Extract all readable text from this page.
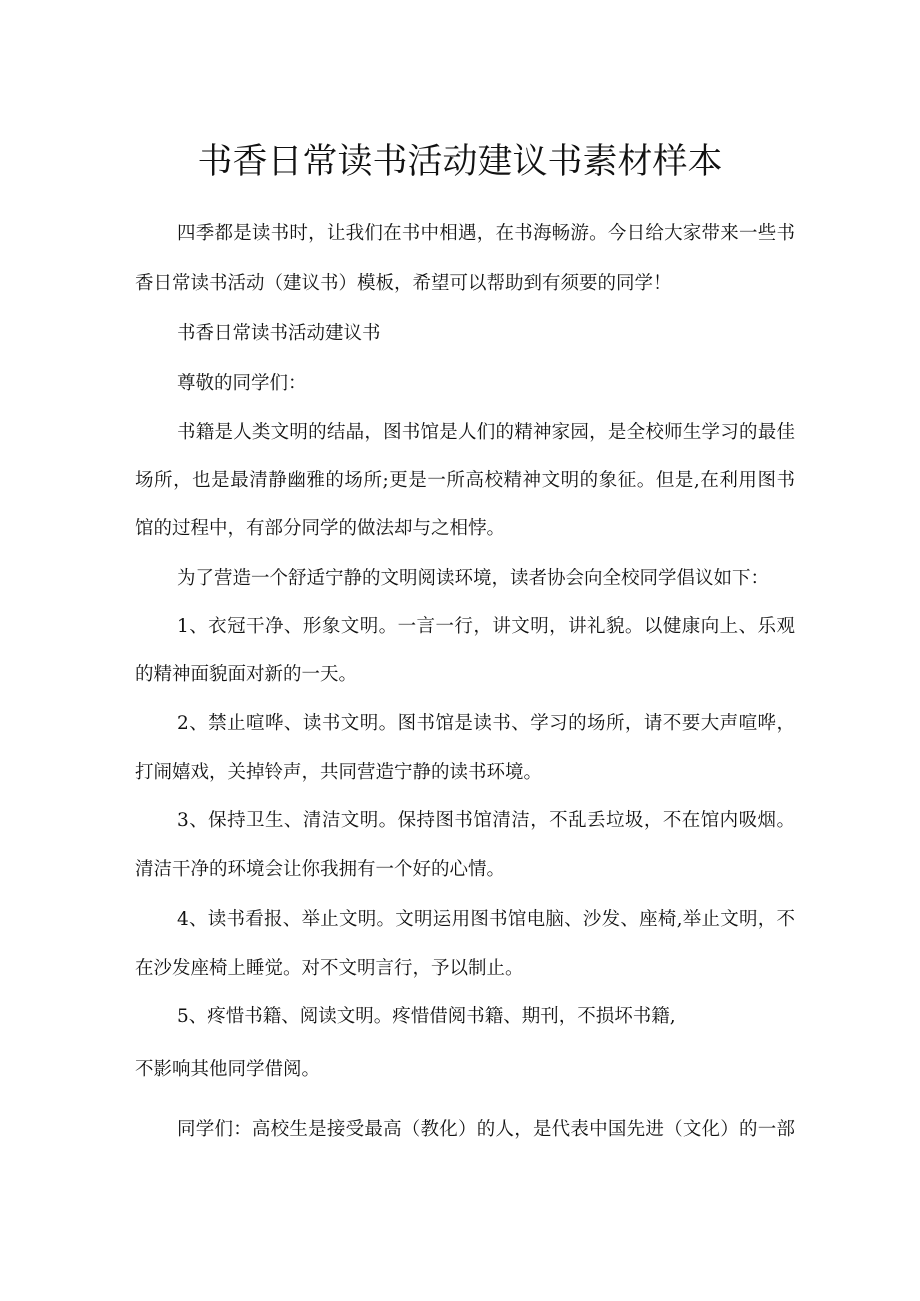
书香日常读书活动建议书素材样本

四季都是读书时，让我们在书中相遇，在书海畅游。今日给大家带来一些书

香日常读书活动（建议书）模板，希望可以帮助到有须要的同学！

书香日常读书活动建议书

尊敬的同学们：

书籍是人类文明的结晶，图书馆是人们的精神家园，是全校师生学习的最佳

场所，也是最清静幽雅的场所;更是一所高校精神文明的象征。但是,在利用图书

馆的过程中，有部分同学的做法却与之相悖。

为了营造一个舒适宁静的文明阅读环境，读者协会向全校同学倡议如下：

1、衣冠干净、形象文明。一言一行，讲文明，讲礼貌。以健康向上、乐观

的精神面貌面对新的一天。

2、禁止喧哗、读书文明。图书馆是读书、学习的场所，请不要大声喧哗，

打闹嬉戏，关掉铃声，共同营造宁静的读书环境。

3、保持卫生、清洁文明。保持图书馆清洁，不乱丢垃圾，不在馆内吸烟。

清洁干净的环境会让你我拥有一个好的心情。

4、读书看报、举止文明。文明运用图书馆电脑、沙发、座椅,举止文明，不

在沙发座椅上睡觉。对不文明言行，予以制止。

5、疼惜书籍、阅读文明。疼惜借阅书籍、期刊，不损坏书籍,

不影响其他同学借阅。

同学们：高校生是接受最高（教化）的人，是代表中国先进（文化）的一部
